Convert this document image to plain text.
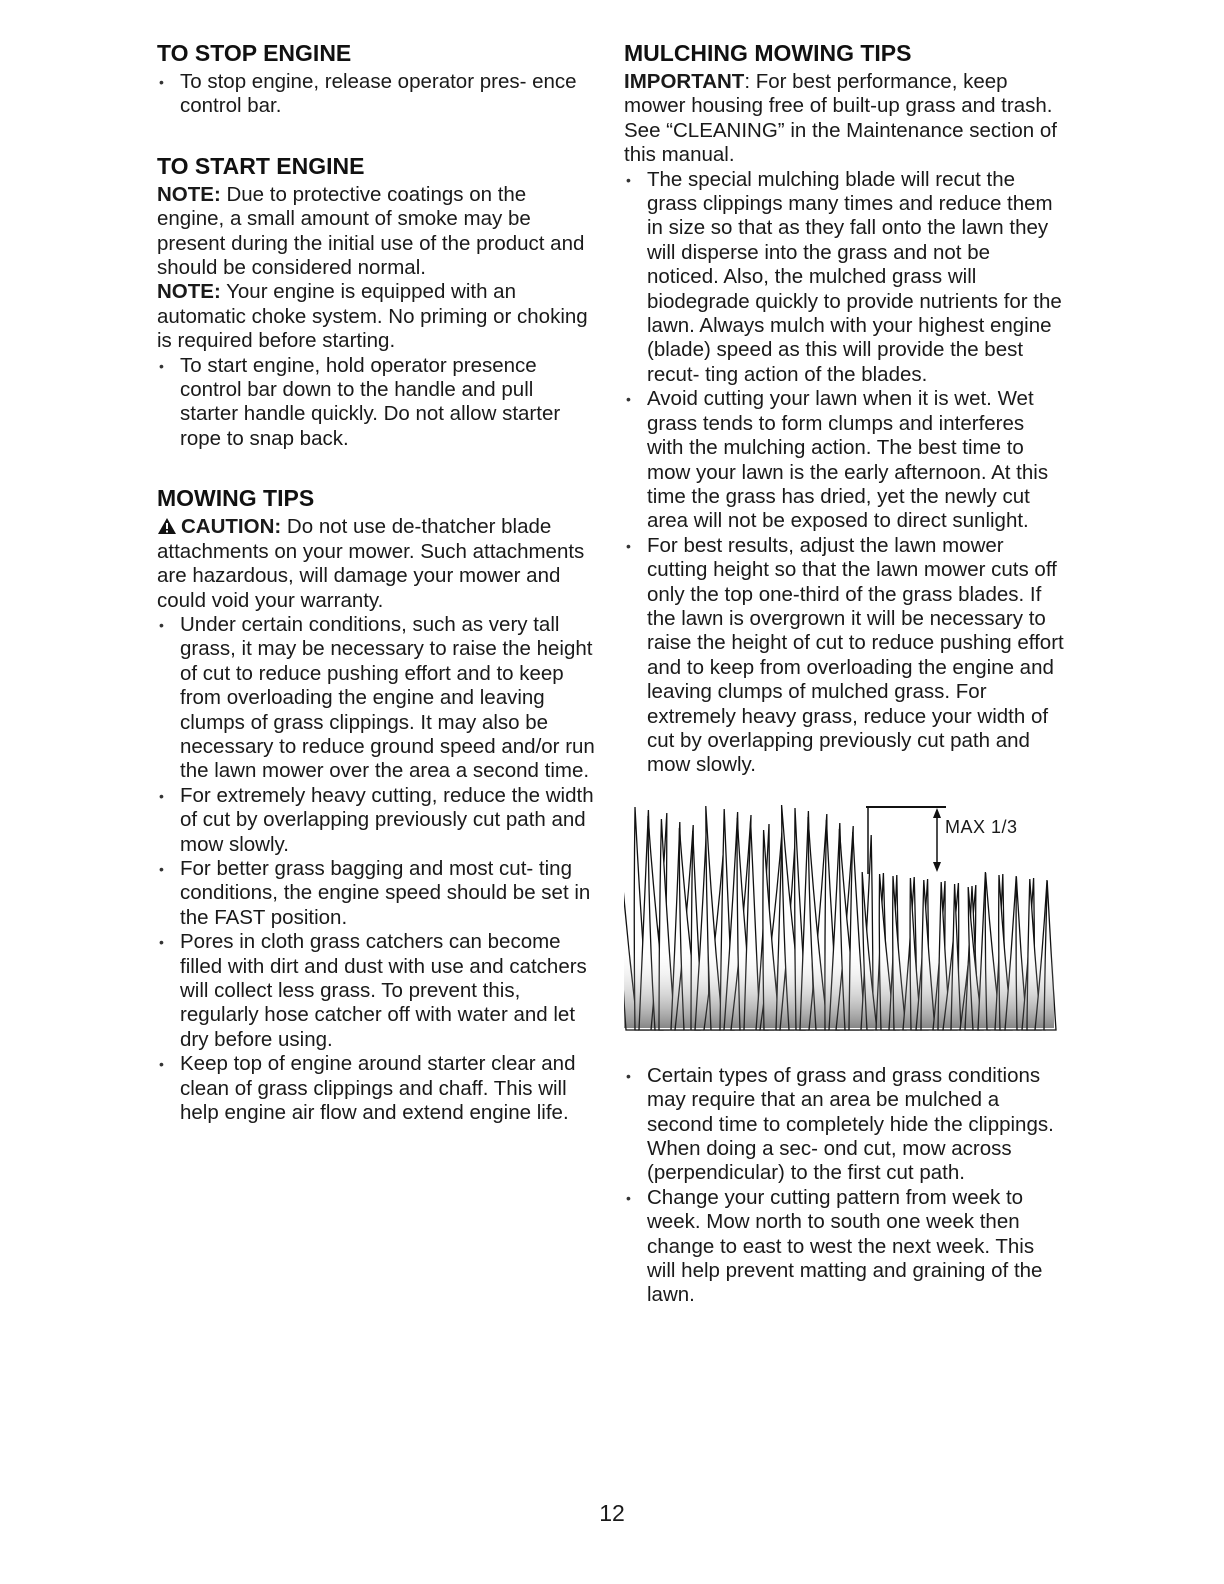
TO STOP ENGINE
• To stop engine, release operator pres- ence control bar.
TO START ENGINE

NOTE: Due to protective coatings on the engine, a small amount of smoke may be present during the initial use of the product and should be considered normal.

NOTE: Your engine is equipped with an automatic choke system. No priming or choking is required before starting.

• To start engine, hold operator presence control bar down to the handle and pull starter handle quickly. Do not allow starter rope to snap back.
MOWING TIPS

CAUTION: Do not use de-thatcher blade attachments on your mower. Such attachments are hazardous, will damage your mower and could void your warranty.

• Under certain conditions, such as very tall grass, it may be necessary to raise the height of cut to reduce pushing effort and to keep from overloading the engine and leaving clumps of grass clippings. It may also be necessary to reduce ground speed and/or run the lawn mower over the area a second time.
• For extremely heavy cutting, reduce the width of cut by overlapping previously cut path and mow slowly.
• For better grass bagging and most cut- ting conditions, the engine speed should be set in the FAST position.
• Pores in cloth grass catchers can become filled with dirt and dust with use and catchers will collect less grass. To prevent this, regularly hose catcher off with water and let dry before using.
• Keep top of engine around starter clear and clean of grass clippings and chaff. This will help engine air flow and extend engine life.
MULCHING MOWING TIPS

IMPORTANT: For best performance, keep mower housing free of built-up grass and trash. See “CLEANING” in the Maintenance section of this manual.

• The special mulching blade will recut the grass clippings many times and reduce them in size so that as they fall onto the lawn they will disperse into the grass and not be noticed. Also, the mulched grass will biodegrade quickly to provide nutrients for the lawn. Always mulch with your highest engine (blade) speed as this will provide the best recut- ting action of the blades.
• Avoid cutting your lawn when it is wet. Wet grass tends to form clumps and interferes with the mulching action. The best time to mow your lawn is the early afternoon. At this time the grass has dried, yet the newly cut area will not be exposed to direct sunlight.
• For best results, adjust the lawn mower cutting height so that the lawn mower cuts off only the top one-third of the grass blades. If the lawn is overgrown it will be necessary to raise the height of cut to reduce pushing effort and to keep from overloading the engine and leaving clumps of mulched grass. For extremely heavy grass, reduce your width of cut by overlapping previously cut path and mow slowly.
MAX 1/3
• Certain types of grass and grass conditions may require that an area be mulched a second time to completely hide the clippings. When doing a sec- ond cut, mow across (perpendicular) to the first cut path.
• Change your cutting pattern from week to week. Mow north to south one week then change to east to west the next week. This will help prevent matting and graining of the lawn.
12
